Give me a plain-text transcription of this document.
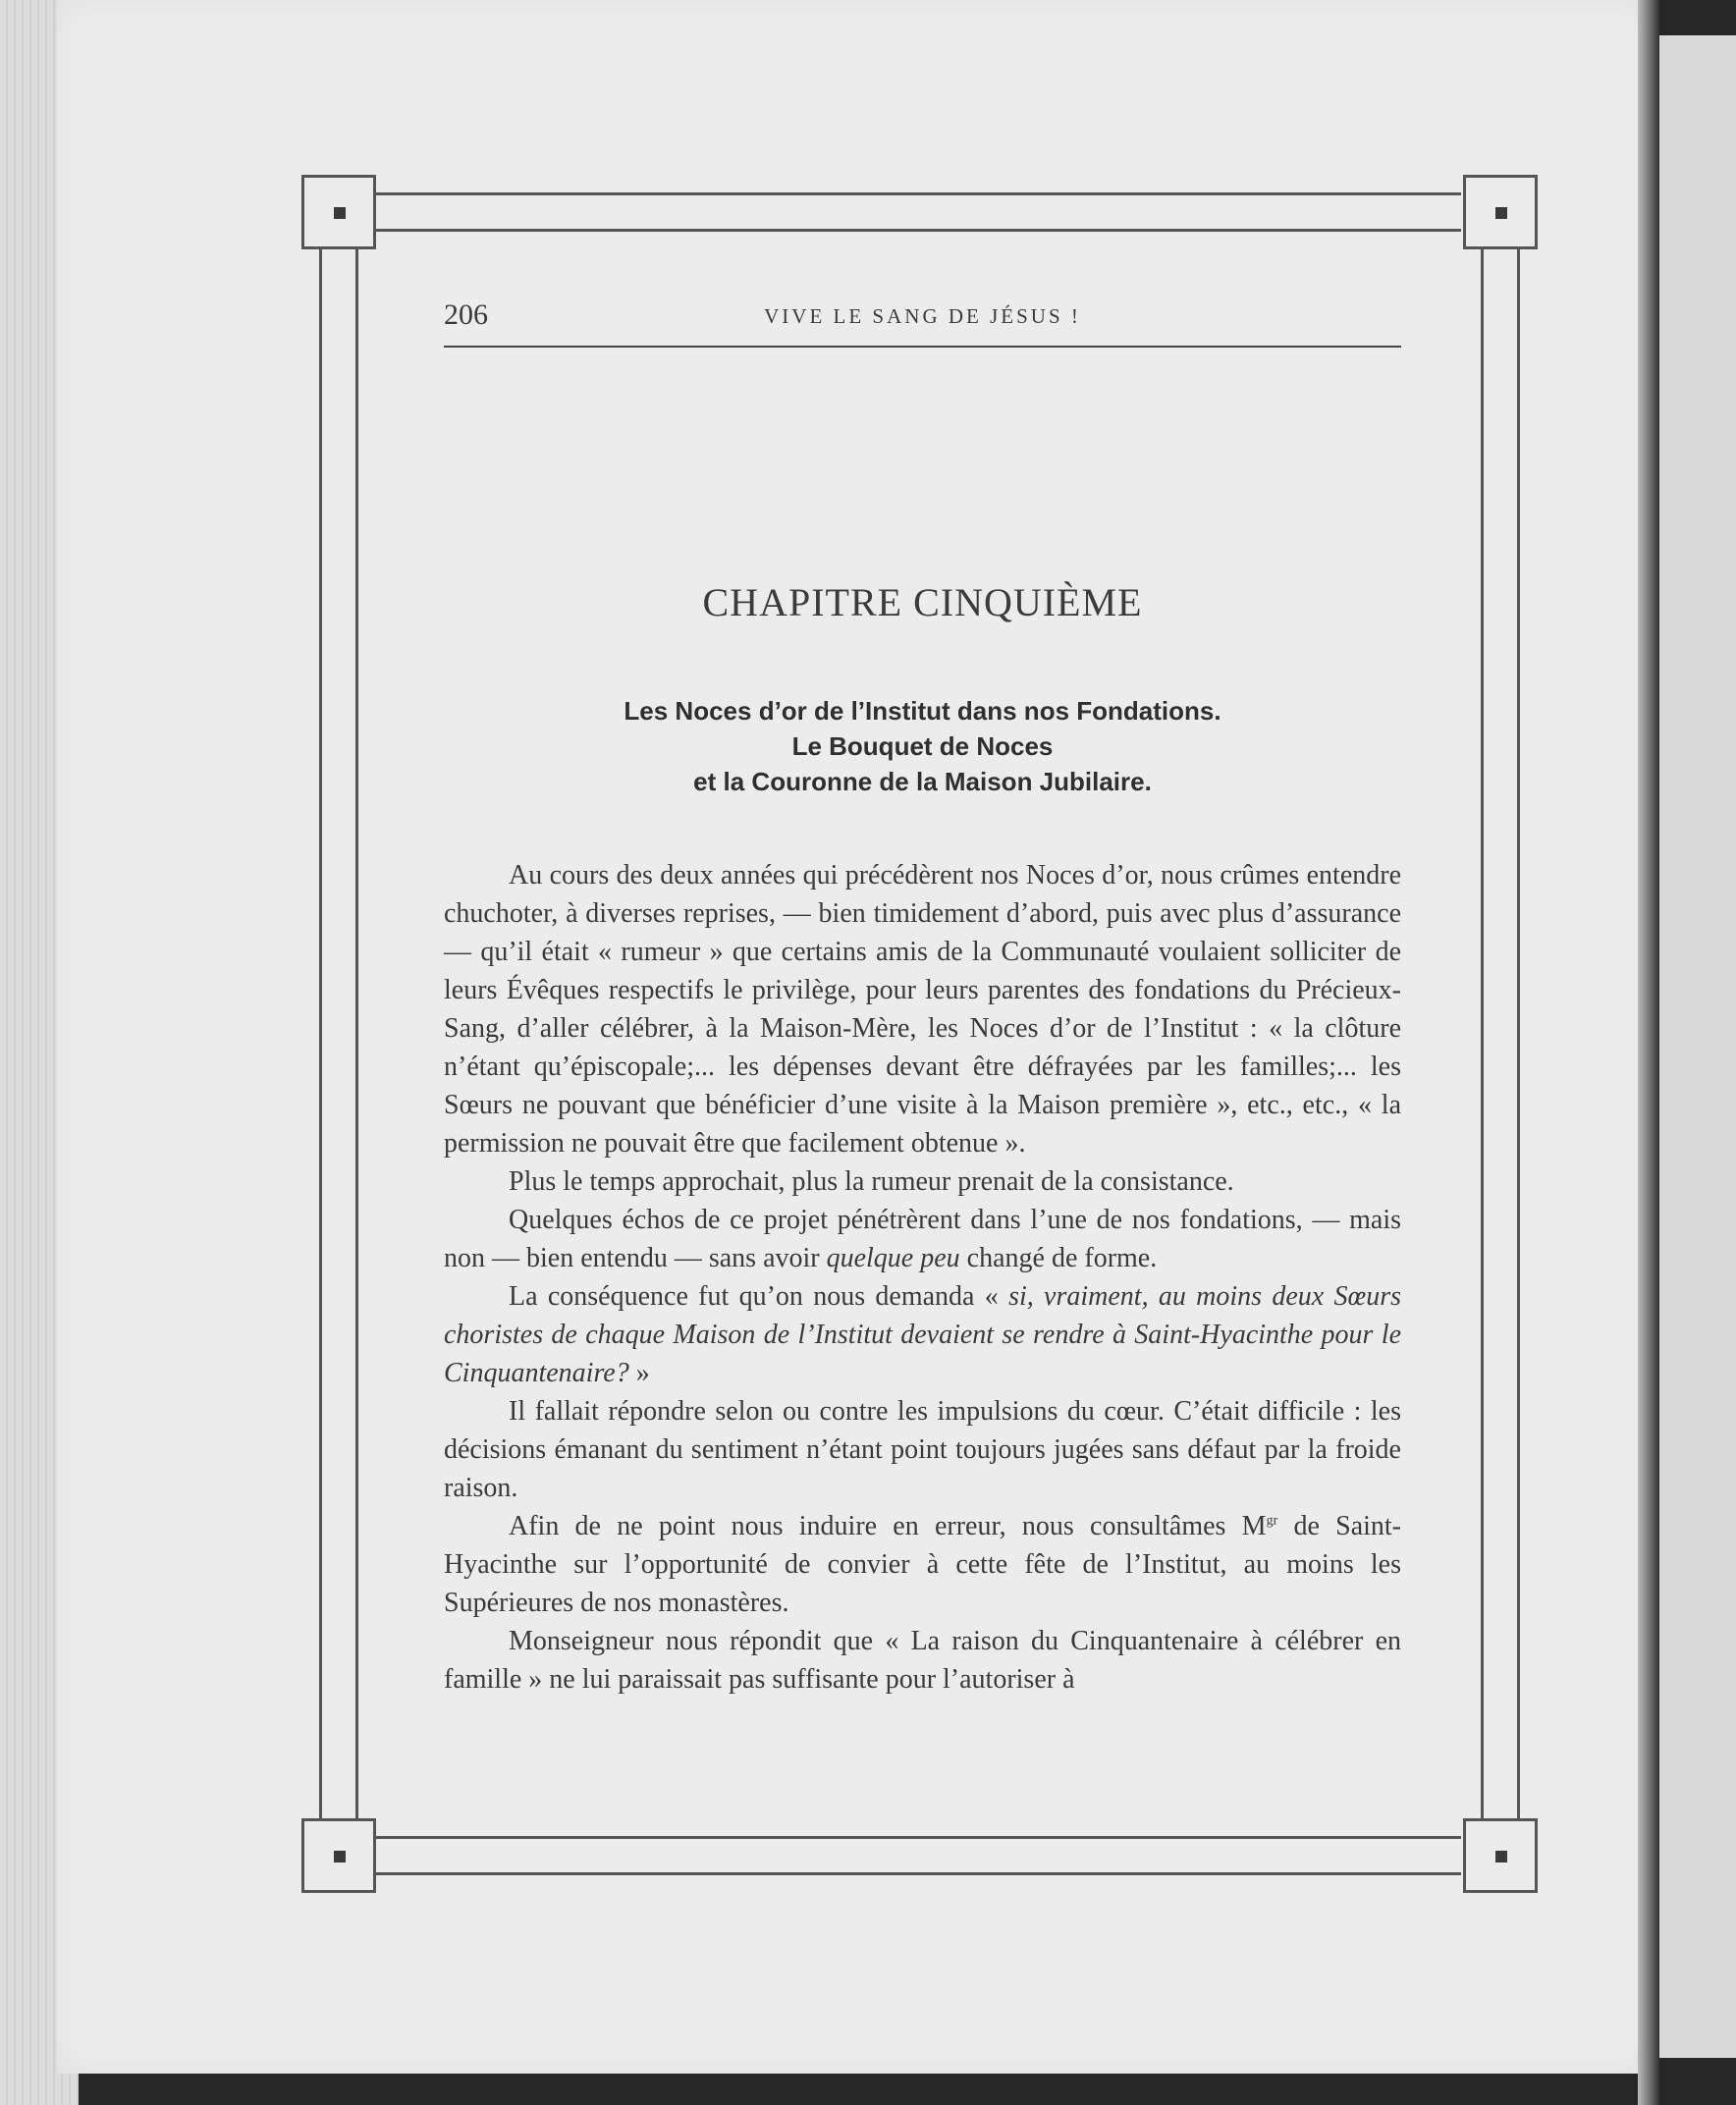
206	VIVE LE SANG DE JÉSUS !
CHAPITRE CINQUIÈME
Les Noces d’or de l’Institut dans nos Fondations.
Le Bouquet de Noces
et la Couronne de la Maison Jubilaire.

Au cours des deux années qui précédèrent nos Noces d’or, nous crûmes entendre chuchoter, à diverses reprises, — bien timidement d’abord, puis avec plus d’assurance — qu’il était « rumeur » que certains amis de la Communauté voulaient solliciter de leurs Évêques respectifs le privilège, pour leurs parentes des fondations du Précieux-Sang, d’aller célébrer, à la Maison-Mère, les Noces d’or de l’Institut : « la clôture n’étant qu’épiscopale;... les dépenses devant être défrayées par les familles;... les Sœurs ne pouvant que bénéficier d’une visite à la Maison première », etc., etc., « la permission ne pouvait être que facilement obtenue ».

Plus le temps approchait, plus la rumeur prenait de la consistance.

Quelques échos de ce projet pénétrèrent dans l’une de nos fondations, — mais non — bien entendu — sans avoir quelque peu changé de forme.

La conséquence fut qu’on nous demanda « si, vraiment, au moins deux Sœurs choristes de chaque Maison de l’Institut devaient se rendre à Saint-Hyacinthe pour le Cinquantenaire? »

Il fallait répondre selon ou contre les impulsions du cœur. C’était difficile : les décisions émanant du sentiment n’étant point toujours jugées sans défaut par la froide raison.

Afin de ne point nous induire en erreur, nous consultâmes $M^{gr}$ de Saint-Hyacinthe sur l’opportunité de convier à cette fête de l’Institut, au moins les Supérieures de nos monastères.

Monseigneur nous répondit que « La raison du Cinquantenaire à célébrer en famille » ne lui paraissait pas suffisante pour l’autoriser à
